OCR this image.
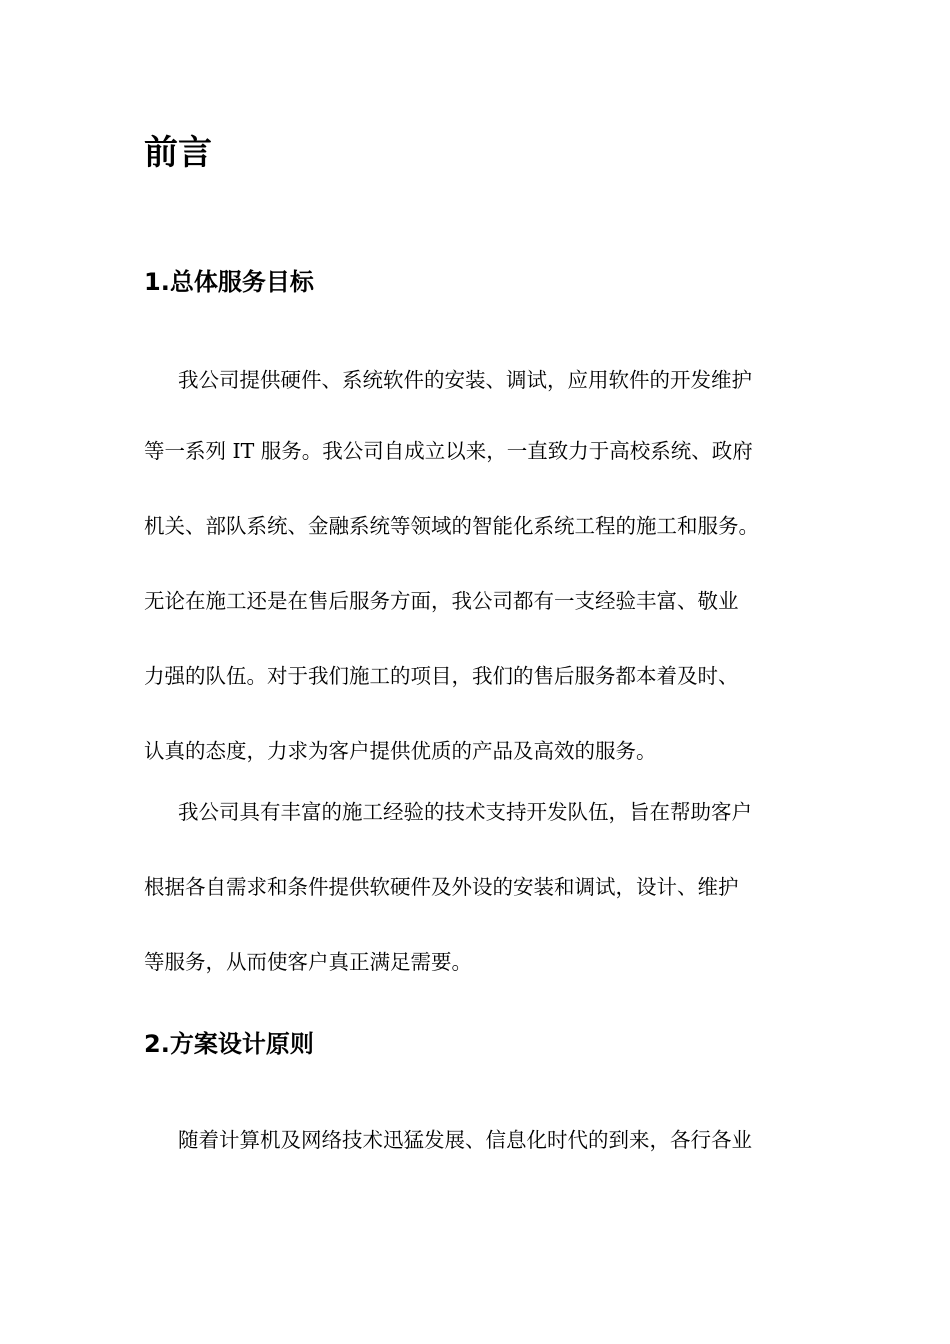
前言
1.总体服务目标
我公司提供硬件、系统软件的安装、调试，应用软件的开发维护
等一系列 IT 服务。我公司自成立以来，一直致力于高校系统、政府
机关、部队系统、金融系统等领域的智能化系统工程的施工和服务。
无论在施工还是在售后服务方面，我公司都有一支经验丰富、敬业
力强的队伍。对于我们施工的项目，我们的售后服务都本着及时、
认真的态度，力求为客户提供优质的产品及高效的服务。
我公司具有丰富的施工经验的技术支持开发队伍，旨在帮助客户
根据各自需求和条件提供软硬件及外设的安装和调试，设计、维护
等服务，从而使客户真正满足需要。
2.方案设计原则
随着计算机及网络技术迅猛发展、信息化时代的到来，各行各业
